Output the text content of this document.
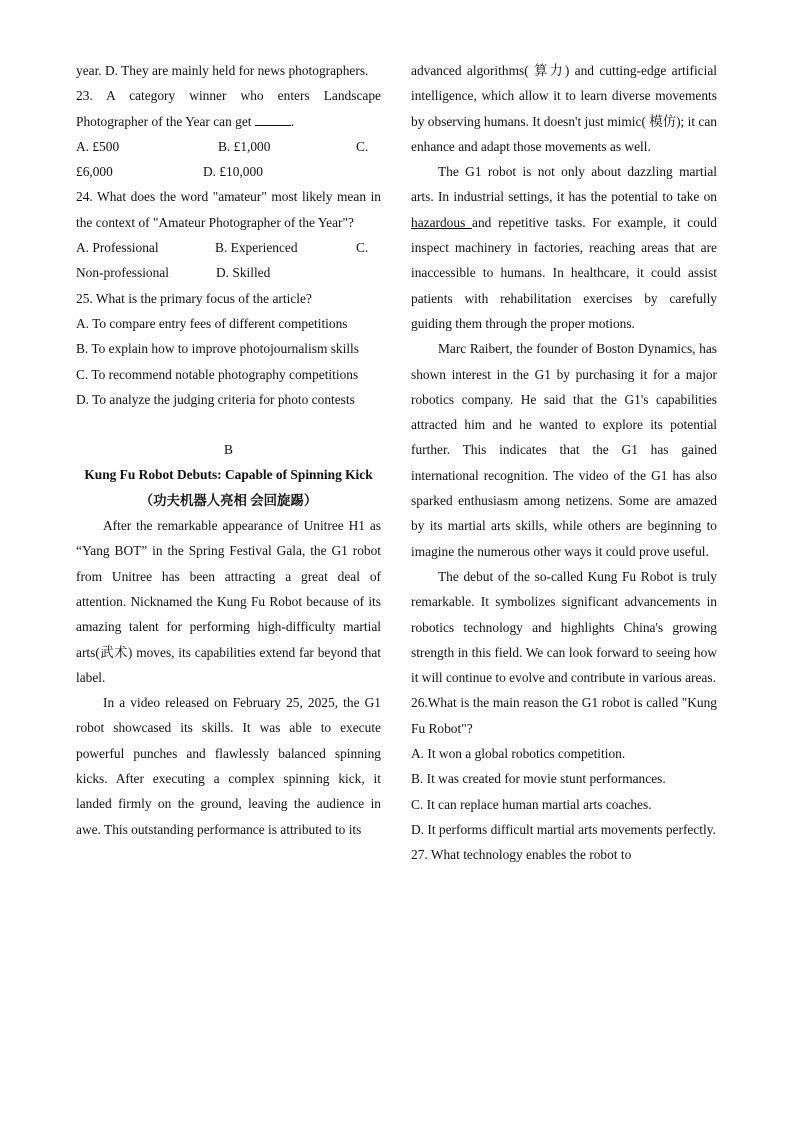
year. D. They are mainly held for news photographers.

23. A category winner who enters Landscape Photographer of the Year can get	.

A. £500	B. £1,000	C.
£6,000	D. £10,000

24. What does the word "amateur" most likely mean in the context of "Amateur Photographer of the Year"?

A. Professional	B. Experienced	C.
Non-professional	D. Skilled

25. What is the primary focus of the article?

A. To compare entry fees of different competitions

B. To explain how to improve photojournalism skills

C. To recommend notable photography competitions

D. To analyze the judging criteria for photo contests

B

Kung Fu Robot Debuts: Capable of Spinning Kick（功夫机器人亮相 会回旋踢）

After the remarkable appearance of Unitree H1 as “Yang BOT” in the Spring Festival Gala, the G1 robot from Unitree has been attracting a great deal of attention. Nicknamed the Kung Fu Robot because of its amazing talent for performing high-difficulty martial arts(武术) moves, its capabilities extend far beyond that label.

In a video released on February 25, 2025, the G1 robot showcased its skills. It was able to execute powerful punches and flawlessly balanced spinning kicks. After executing a complex spinning kick, it landed firmly on the ground, leaving the audience in awe. This outstanding performance is attributed to its

advanced algorithms( 算力) and cutting-edge artificial intelligence, which allow it to learn diverse movements by observing humans. It doesn't just mimic( 模仿); it can enhance and adapt those movements as well.

The G1 robot is not only about dazzling martial arts. In industrial settings, it has the potential to take on hazardous and repetitive tasks. For example, it could inspect machinery in factories, reaching areas that are inaccessible to humans. In healthcare, it could assist patients with rehabilitation exercises by carefully guiding them through the proper motions.

Marc Raibert, the founder of Boston Dynamics, has shown interest in the G1 by purchasing it for a major robotics company. He said that the G1's capabilities attracted him and he wanted to explore its potential further. This indicates that the G1 has gained international recognition. The video of the G1 has also sparked enthusiasm among netizens. Some are amazed by its martial arts skills, while others are beginning to imagine the numerous other ways it could prove useful.

The debut of the so-called Kung Fu Robot is truly remarkable. It symbolizes significant advancements in robotics technology and highlights China's growing strength in this field. We can look forward to seeing how it will continue to evolve and contribute in various areas.

26.What is the main reason the G1 robot is called "Kung Fu Robot"?

A. It won a global robotics competition.

B. It was created for movie stunt performances.

C. It can replace human martial arts coaches.

D. It performs difficult martial arts movements perfectly.

27. What technology enables the robot to
